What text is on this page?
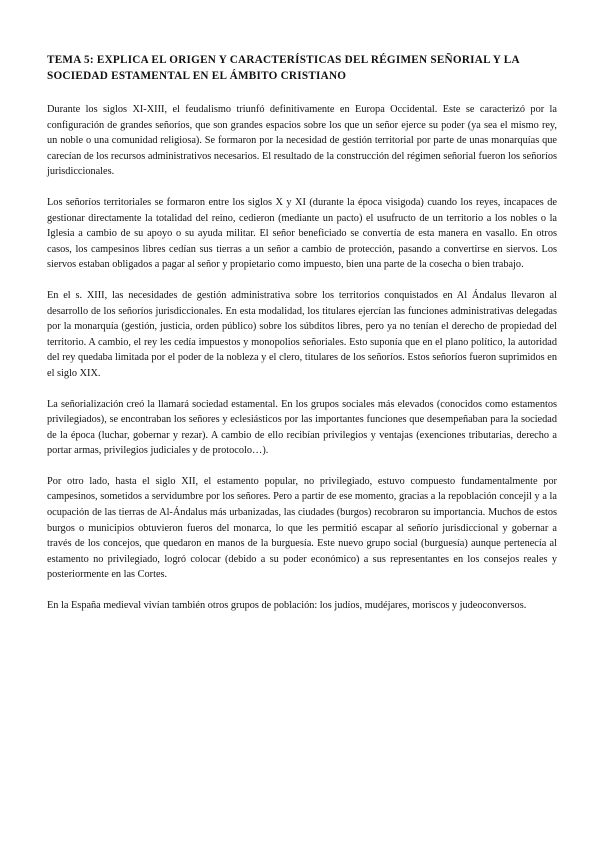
TEMA 5: EXPLICA EL ORIGEN Y CARACTERÍSTICAS DEL RÉGIMEN SEÑORIAL Y LA SOCIEDAD ESTAMENTAL EN EL ÁMBITO CRISTIANO

Durante los siglos XI-XIII, el feudalismo triunfó definitivamente en Europa Occidental. Este se caracterizó por la configuración de grandes señoríos, que son grandes espacios sobre los que un señor ejerce su poder (ya sea el mismo rey, un noble o una comunidad religiosa). Se formaron por la necesidad de gestión territorial por parte de unas monarquías que carecían de los recursos administrativos necesarios. El resultado de la construcción del régimen señorial fueron los señoríos jurisdiccionales.

Los señoríos territoriales se formaron entre los siglos X y XI (durante la época visigoda) cuando los reyes, incapaces de gestionar directamente la totalidad del reino, cedieron (mediante un pacto) el usufructo de un territorio a los nobles o la Iglesia a cambio de su apoyo o su ayuda militar. El señor beneficiado se convertía de esta manera en vasallo. En otros casos, los campesinos libres cedían sus tierras a un señor a cambio de protección, pasando a convertirse en siervos. Los siervos estaban obligados a pagar al señor y propietario como impuesto, bien una parte de la cosecha o bien trabajo.

En el s. XIII, las necesidades de gestión administrativa sobre los territorios conquistados en Al Ándalus llevaron al desarrollo de los señoríos jurisdiccionales. En esta modalidad, los titulares ejercían las funciones administrativas delegadas por la monarquía (gestión, justicia, orden público) sobre los súbditos libres, pero ya no tenían el derecho de propiedad del territorio. A cambio, el rey les cedía impuestos y monopolios señoriales. Esto suponía que en el plano político, la autoridad del rey quedaba limitada por el poder de la nobleza y el clero, titulares de los señoríos. Estos señoríos fueron suprimidos en el siglo XIX.

La señorialización creó la llamará sociedad estamental. En los grupos sociales más elevados (conocidos como estamentos privilegiados), se encontraban los señores y eclesiásticos por las importantes funciones que desempeñaban para la sociedad de la época (luchar, gobernar y rezar). A cambio de ello recibían privilegios y ventajas (exenciones tributarias, derecho a portar armas, privilegios judiciales y de protocolo…).

Por otro lado, hasta el siglo XII, el estamento popular, no privilegiado, estuvo compuesto fundamentalmente por campesinos, sometidos a servidumbre por los señores. Pero a partir de ese momento, gracias a la repoblación concejil y a la ocupación de las tierras de Al-Ándalus más urbanizadas, las ciudades (burgos) recobraron su importancia. Muchos de estos burgos o municipios obtuvieron fueros del monarca, lo que les permitió escapar al señorío jurisdiccional y gobernar a través de los concejos, que quedaron en manos de la burguesía. Este nuevo grupo social (burguesía) aunque pertenecía al estamento no privilegiado, logró colocar (debido a su poder económico) a sus representantes en los consejos reales y posteriormente en las Cortes.

En la España medieval vivían también otros grupos de población: los judíos, mudéjares, moriscos y judeoconversos.
